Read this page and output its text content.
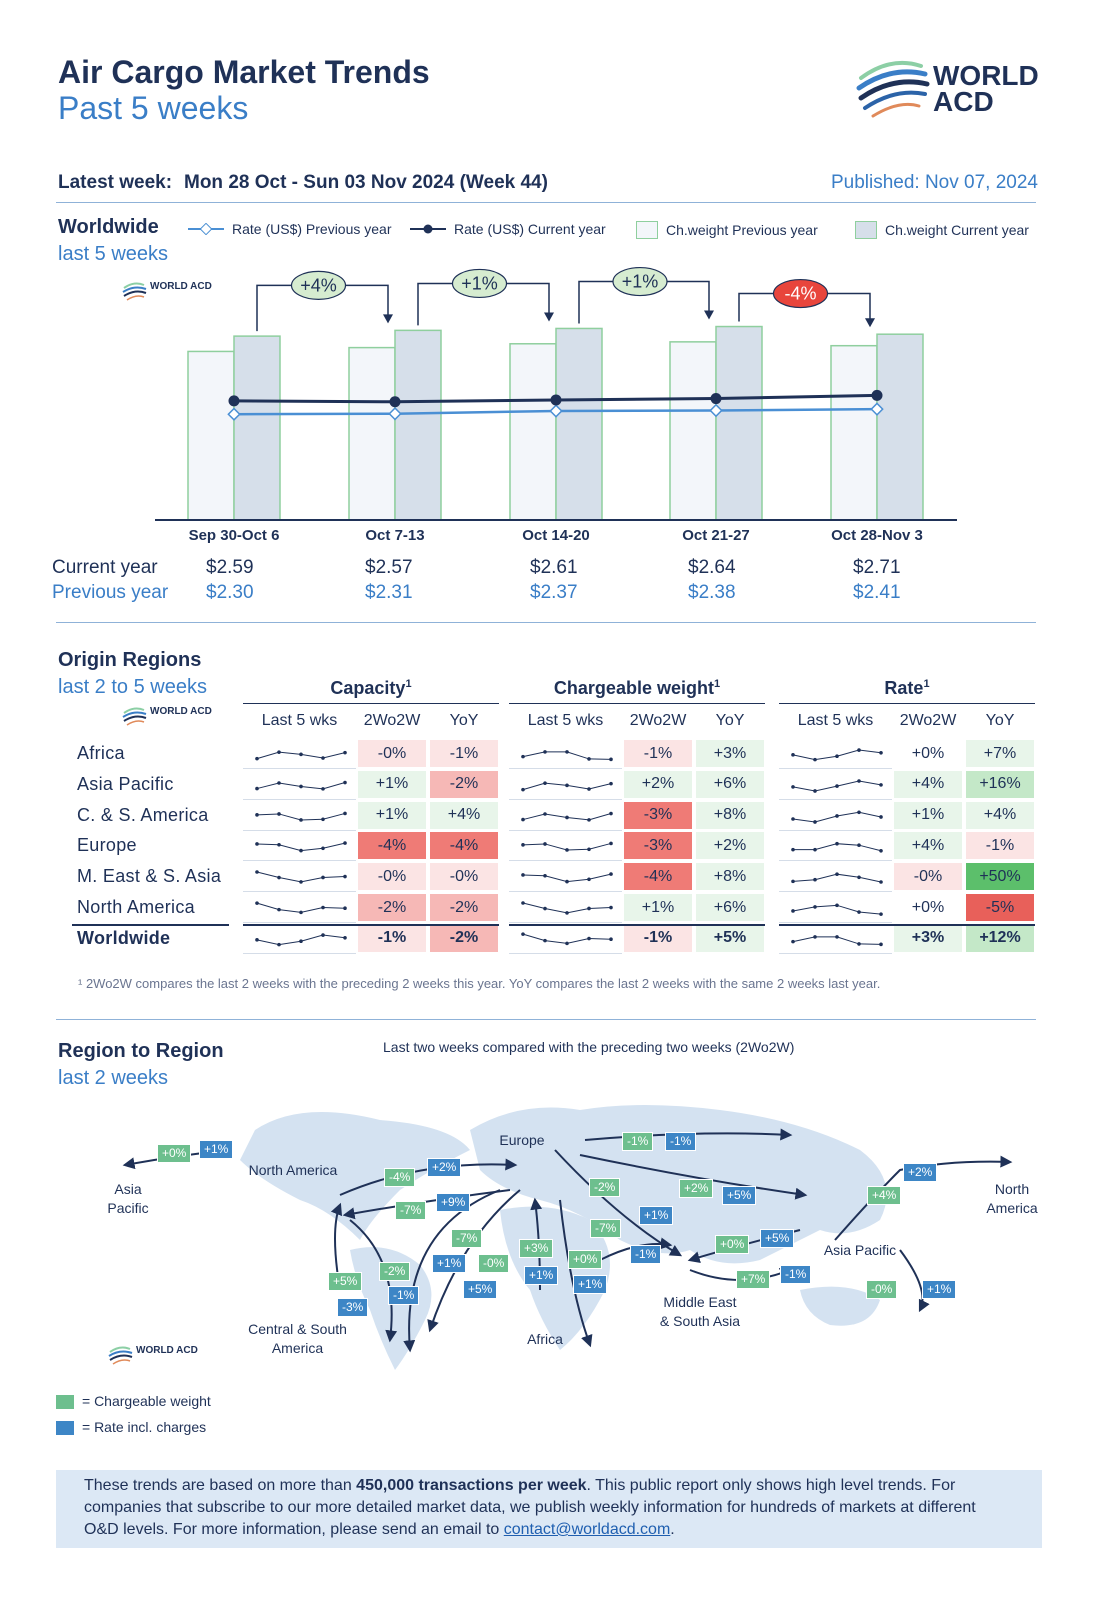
Air Cargo Market Trends
Past 5 weeks
WORLD
ACD
Latest week: Mon 28 Oct - Sun 03 Nov 2024 (Week 44)	Published: Nov 07, 2024
Worldwide
last 5 weeks
Rate (US$) Previous year	Rate (US$) Current year	Ch.weight Previous year	Ch.weight Current year
WORLD ACD
Sep 30-Oct 6	Oct 7-13	Oct 14-20	Oct 21-27	Oct 28-Nov 3
+4%	+1%	+1%
-4%
Current year
Previous year
$2.59	$2.57	$2.61	$2.64	$2.71
$2.30	$2.31	$2.37	$2.38	$2.41
Origin Regions
last 2 to 5 weeks
WORLD ACD
Capacity$^1$
Last 5 wks	2Wo2W	YoY
Chargeable weight$^1$
Last 5 wks	2Wo2W	YoY
Rate$^1$
Last 5 wks	2Wo2W	YoY
Africa	-0%	-1%	-1%	+3%	+0%	+7%
Asia Pacific	+1%	-2%	+2%	+6%	+4%	+16%
C. & S. America	+1%	+4%	-3%	+8%	+1%	+4%
Europe	-4%	-4%	-3%	+2%	+4%	-1%
M. East & S. Asia	-0%	-0%	-4%	+8%	-0%	+50%
North America	-2%	-2%	+1%	+6%	+0%	-5%
Worldwide	-1%	-2%	-1%	+5%	+3%	+12%
¹ 2Wo2W compares the last 2 weeks with the preceding 2 weeks this year. YoY compares the last 2 weeks with the same 2 weeks last year.
Region to Region
last 2 weeks
Last two weeks compared with the preceding two weeks (2Wo2W)
Asia
Pacific
North America
Europe
North
America
Asia Pacific
Central & South
America
Africa
Middle East
& South Asia
+0%	+1%
-1%	-1%
+2%
+4%
-4%
+2%
-7%
+9%
-2%	+2%	+5%
+1%
-7%
-1%
-7%
+1%	-0%
+5%
+3%
+1%
+0%
+1%
+0%	+5%
+7%	-1%
+5%
-3%
-2%
-1%	-0%	+1%
WORLD ACD
= Chargeable weight
= Rate incl. charges
These trends are based on more than 450,000 transactions per week. This public report only shows high level trends. For companies that subscribe to our more detailed market data, we publish weekly information for hundreds of markets at different O&D levels. For more information, please send an email to contact@worldacd.com.
